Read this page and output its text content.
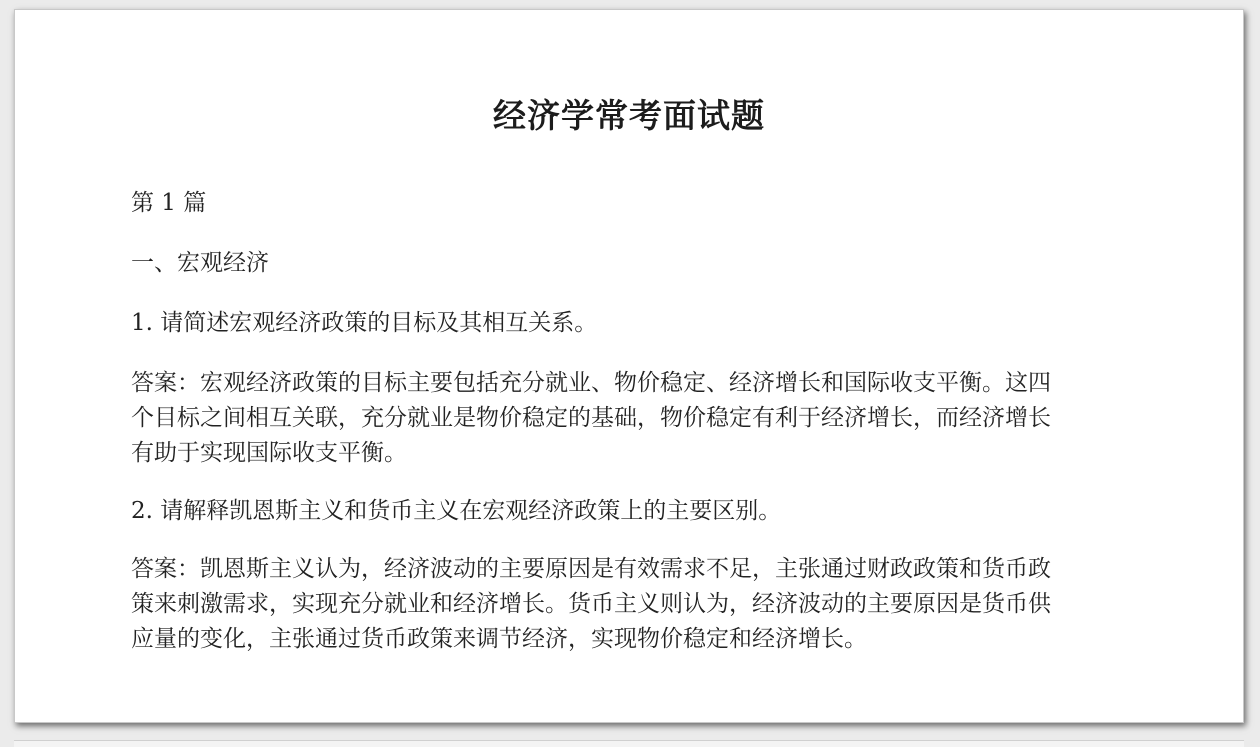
经济学常考面试题

第 1 篇

一、宏观经济

1. 请简述宏观经济政策的目标及其相互关系。

答案：宏观经济政策的目标主要包括充分就业、物价稳定、经济增长和国际收支平衡。这四个目标之间相互关联，充分就业是物价稳定的基础，物价稳定有利于经济增长，而经济增长有助于实现国际收支平衡。

2. 请解释凯恩斯主义和货币主义在宏观经济政策上的主要区别。

答案：凯恩斯主义认为，经济波动的主要原因是有效需求不足，主张通过财政政策和货币政策来刺激需求，实现充分就业和经济增长。货币主义则认为，经济波动的主要原因是货币供应量的变化，主张通过货币政策来调节经济，实现物价稳定和经济增长。
